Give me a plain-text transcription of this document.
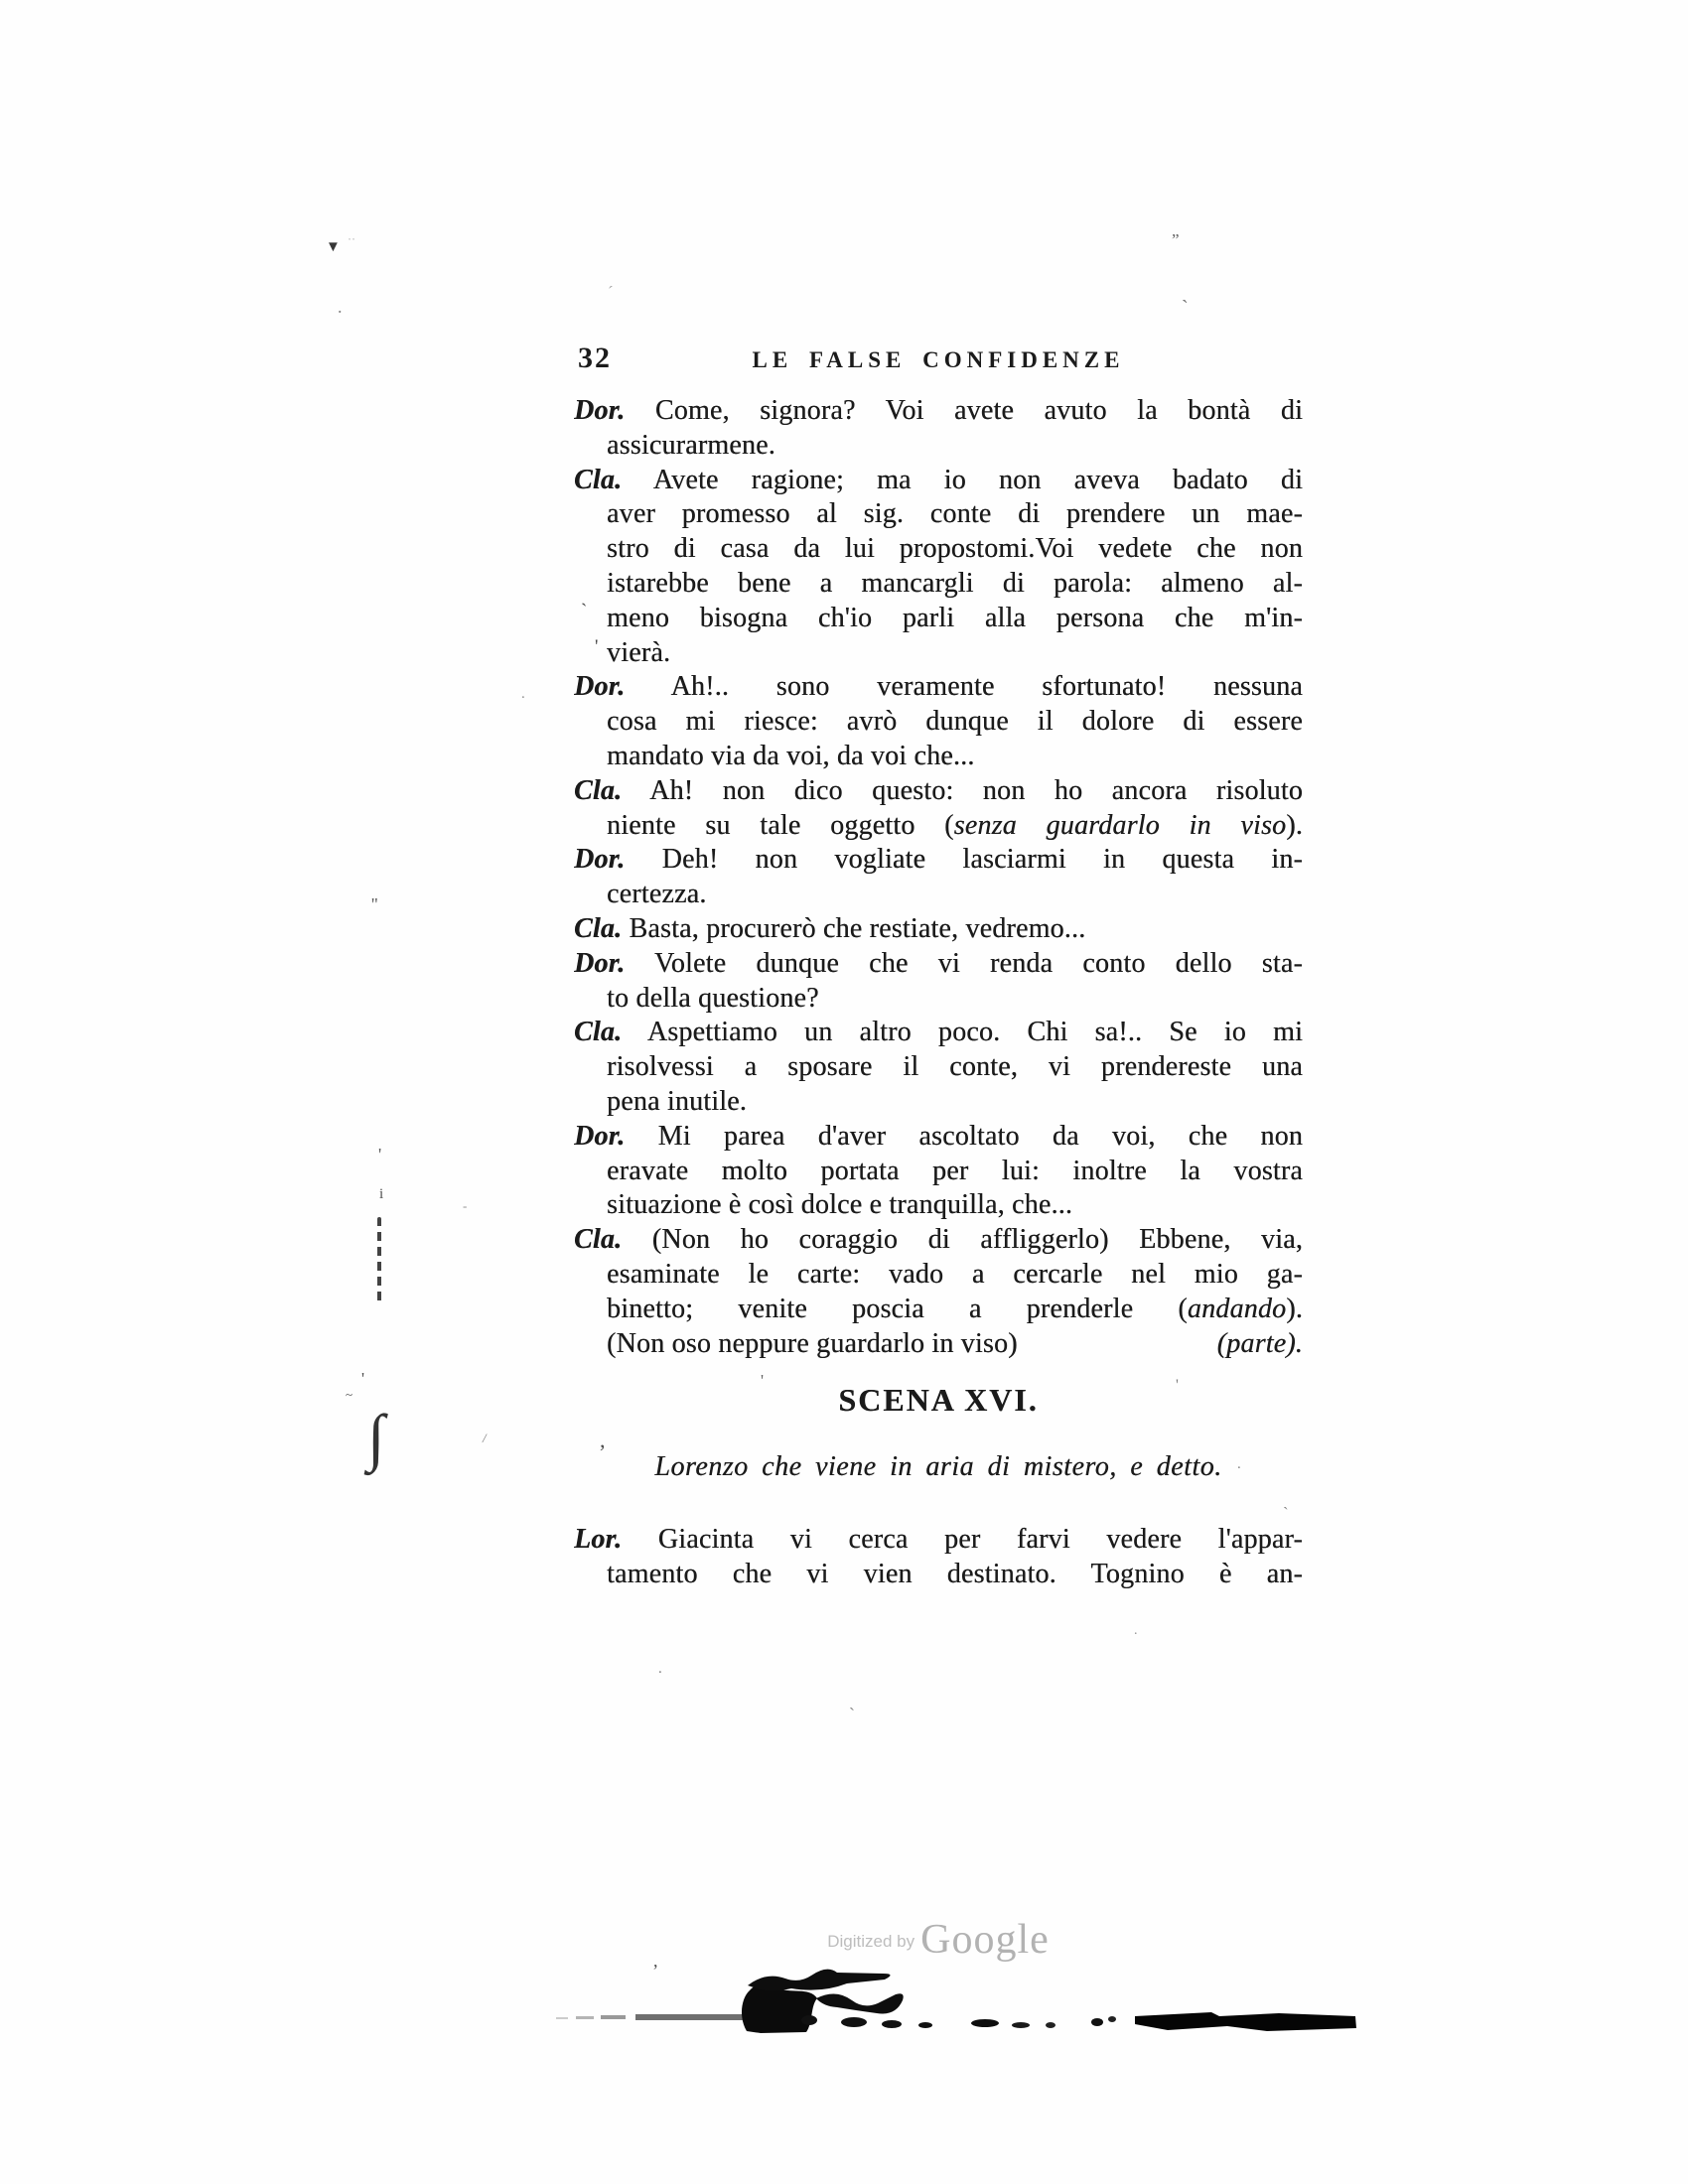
32	LE FALSE CONFIDENZE
Dor. Come, signora? Voi avete avuto la bontà di
assicurarmene.
Cla. Avete ragione; ma io non aveva badato di
aver promesso al sig. conte di prendere un mae-
stro di casa da lui propostomi.Voi vedete che non
istarebbe bene a mancargli di parola: almeno al-
meno bisogna ch'io parli alla persona che m'in-
vierà.
Dor. Ah!.. sono veramente sfortunato! nessuna
cosa mi riesce: avrò dunque il dolore di essere
mandato via da voi, da voi che...
Cla. Ah! non dico questo: non ho ancora risoluto
niente su tale oggetto (senza guardarlo in viso).
Dor. Deh! non vogliate lasciarmi in questa in-
certezza.
Cla. Basta, procurerò che restiate, vedremo...
Dor. Volete dunque che vi renda conto dello sta-
to della questione?
Cla. Aspettiamo un altro poco. Chi sa!.. Se io mi
risolvessi a sposare il conte, vi prendereste una
pena inutile.
Dor. Mi parea d'aver ascoltato da voi, che non
eravate molto portata per lui: inoltre la vostra
situazione è così dolce e tranquilla, che...
Cla. (Non ho coraggio di affliggerlo) Ebbene, via,
esaminate le carte: vado a cercarle nel mio ga-
binetto; venite poscia a prenderle (andando).
(Non oso neppure guardarlo in viso)	(parte).
SCENA XVI.
Lorenzo che viene in aria di mistero, e detto.
Lor. Giacinta vi cerca per farvi vedere l'appar-
tamento che vi vien destinato. Tognino è an-
Digitized by Google
▼ ˙˙
.
„
`
ˊ
.
`
'
''
'
i
-
'
~
∫	/	,
'	'
.
`
.
.
`
,
